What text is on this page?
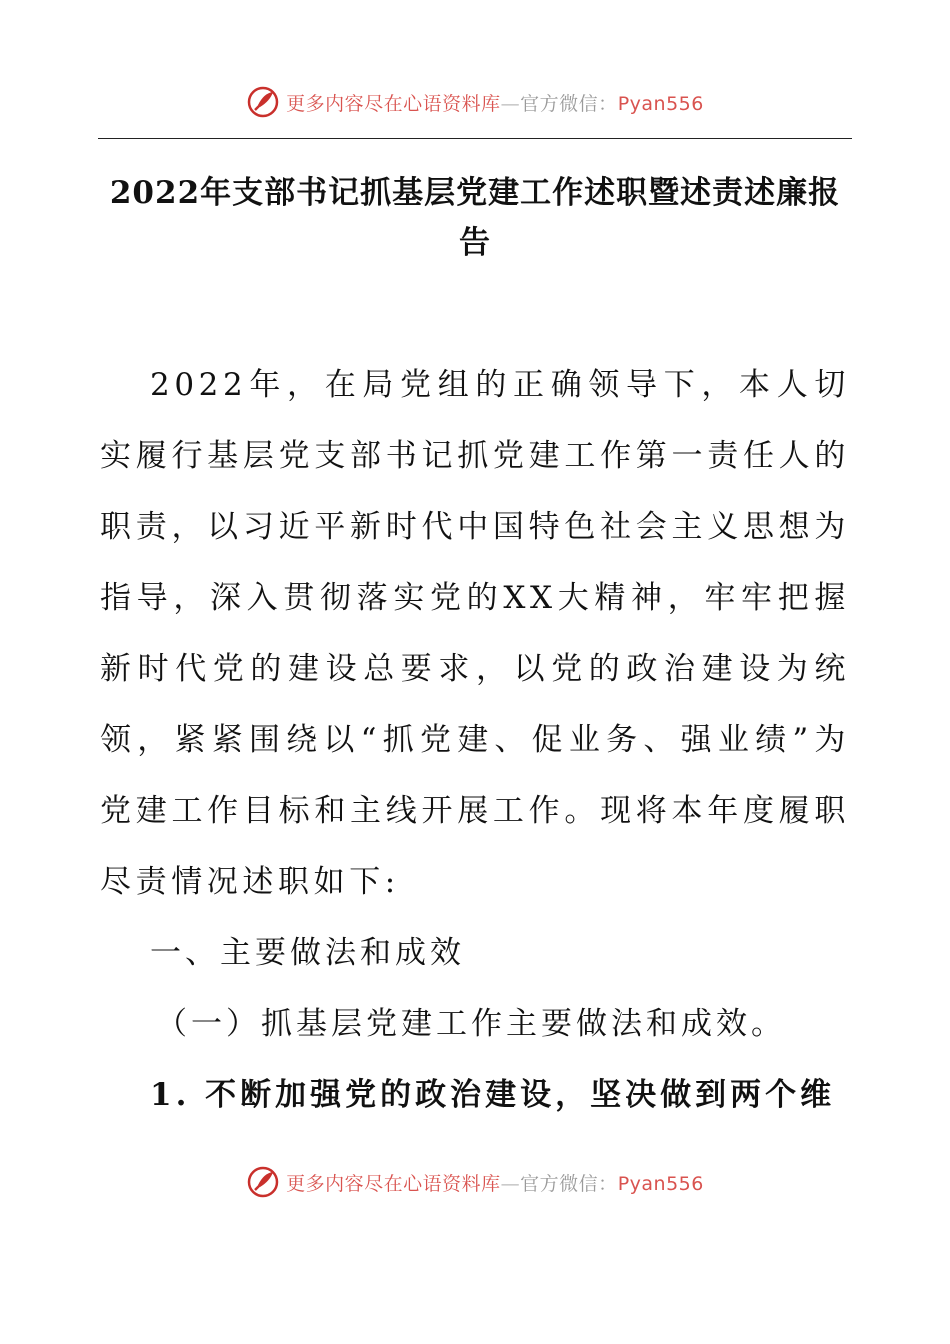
更多内容尽在心语资料库—官方微信：Pyan556
2022年支部书记抓基层党建工作述职暨述责述廉报告

2022年，在局党组的正确领导下，本人切实履行基层党支部书记抓党建工作第一责任人的职责，以习近平新时代中国特色社会主义思想为指导，深入贯彻落实党的XX大精神，牢牢把握新时代党的建设总要求，以党的政治建设为统领，紧紧围绕以“抓党建、促业务、强业绩”为党建工作目标和主线开展工作。现将本年度履职尽责情况述职如下:

一、主要做法和成效

（一）抓基层党建工作主要做法和成效。

1. 不断加强党的政治建设，坚决做到两个维

更多内容尽在心语资料库—官方微信：Pyan556
